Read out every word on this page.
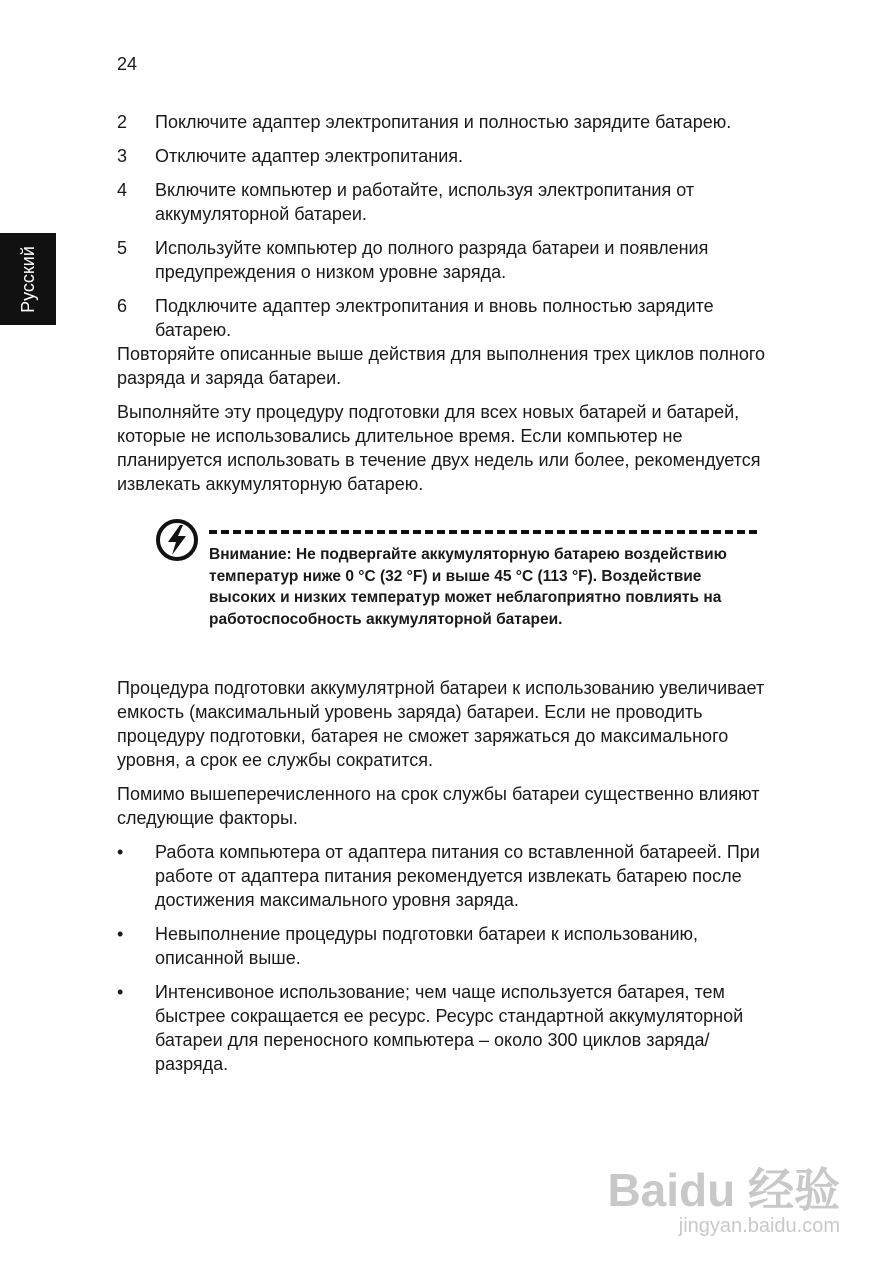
24
Русский
2	Поключите адаптер электропитания и полностью зарядите батарею.
3	Отключите адаптер электропитания.
4	Включите компьютер и работайте, используя электропитания от аккумуляторной батареи.
5	Используйте компьютер до полного разряда батареи и появления предупреждения о низком уровне заряда.
6	Подключите адаптер электропитания и вновь полностью зарядите батарею.

Повторяйте описанные выше действия для выполнения трех циклов полного разряда и заряда батареи.

Выполняйте эту процедуру подготовки для всех новых батарей и батарей, которые не использовались длительное время. Если компьютер не планируется использовать в течение двух недель или более, рекомендуется извлекать аккумуляторную батарею.

Внимание: Не подвергайте аккумуляторную батарею воздействию температур ниже 0 °C (32 °F) и выше 45 °C (113 °F). Воздействие высоких и низких температур может неблагоприятно повлиять на работоспособность аккумуляторной батареи.

Процедура подготовки аккумулятрной батареи к использованию увеличивает емкость (максимальный уровень заряда) батареи. Если не проводить процедуру подготовки, батарея не сможет заряжаться до максимального уровня, а срок ее службы сократится.

Помимо вышеперечисленного на срок службы батареи существенно влияют следующие факторы.

•	Работа компьютера от адаптера питания со вставленной батареей. При работе от адаптера питания рекомендуется извлекать батарею после достижения максимального уровня заряда.
•	Невыполнение процедуры подготовки батареи к использованию, описанной выше.
•	Интенсивоное использование; чем чаще используется батарея, тем быстрее сокращается ее ресурс. Ресурс стандартной аккумуляторной батареи для переносного компьютера – около 300 циклов заряда/разряда.
Baidu 经验
jingyan.baidu.com
